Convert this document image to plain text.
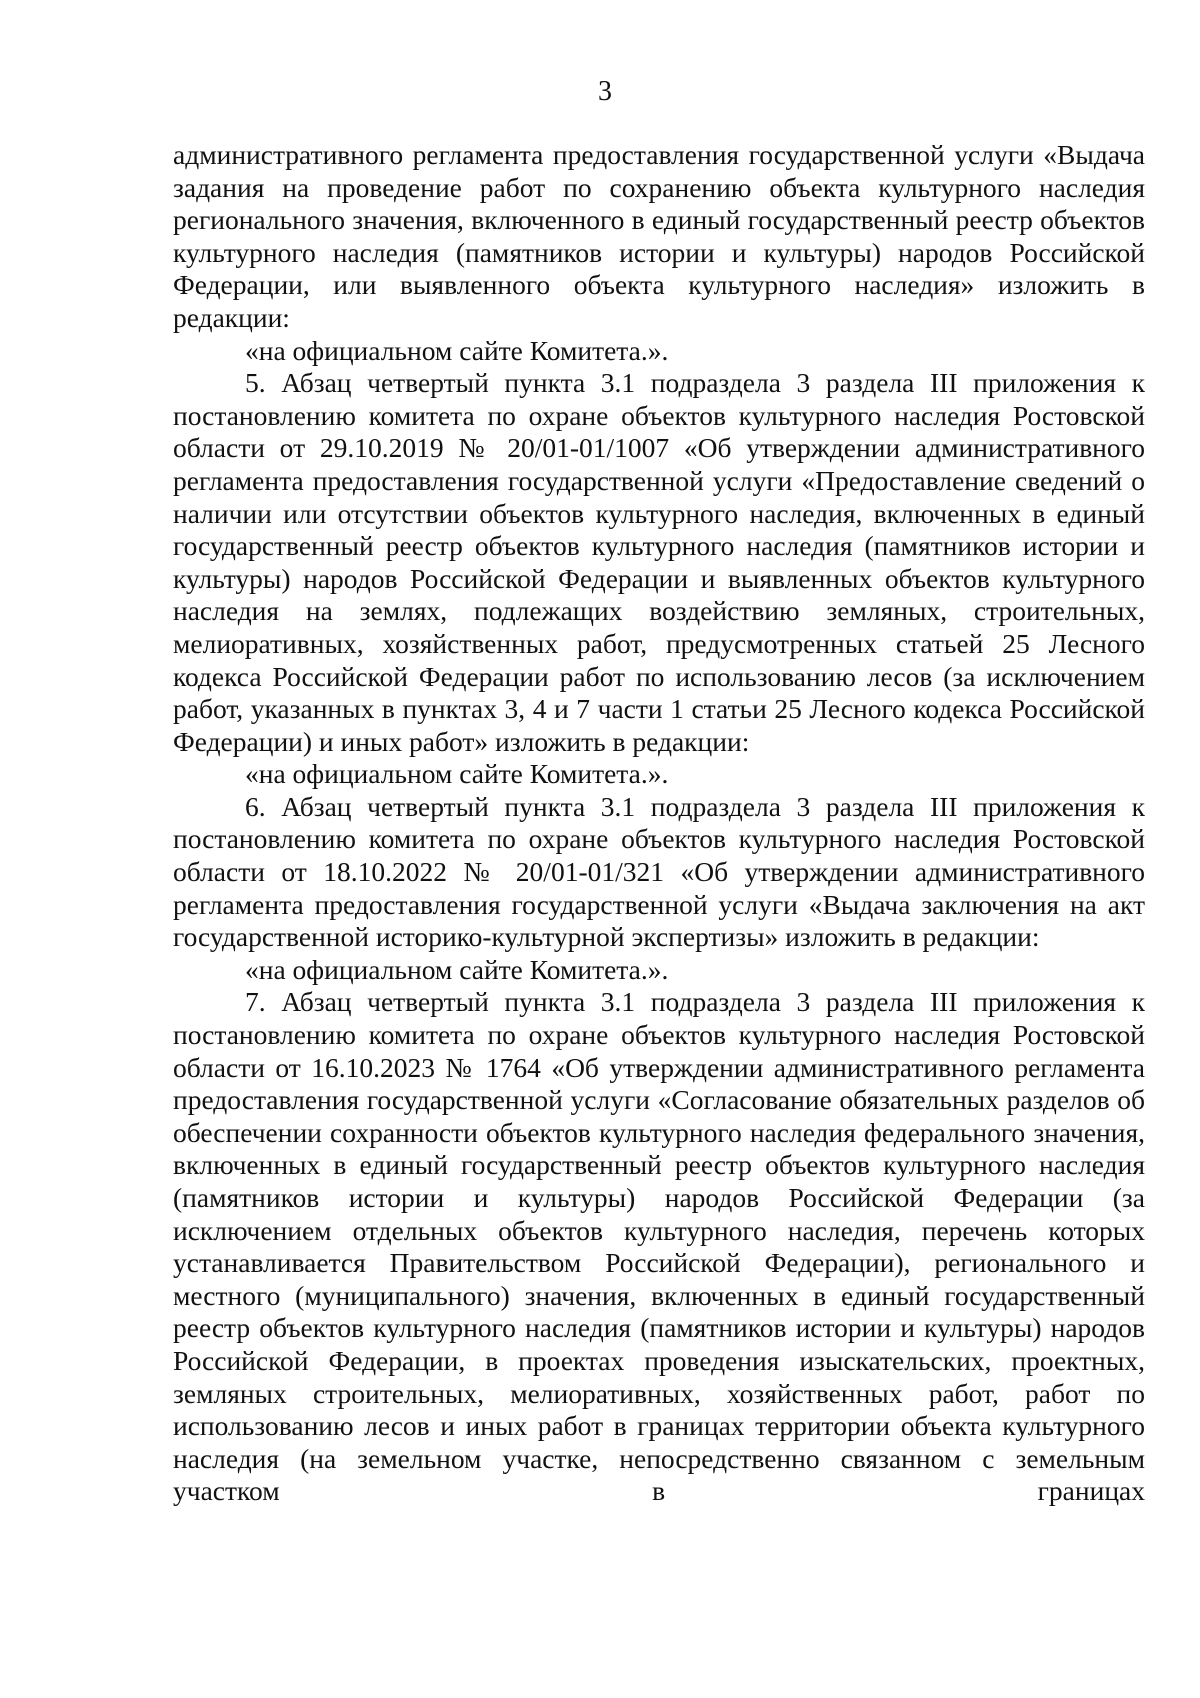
3

административного регламента предоставления государственной услуги «Выдача задания на проведение работ по сохранению объекта культурного наследия регионального значения, включенного в единый государственный реестр объектов культурного наследия (памятников истории и культуры) народов Российской Федерации, или выявленного объекта культурного наследия» изложить в редакции:

«на официальном сайте Комитета.».

5. Абзац четвертый пункта 3.1 подраздела 3 раздела III приложения к постановлению комитета по охране объектов культурного наследия Ростовской области от 29.10.2019 № 20/01-01/1007 «Об утверждении административного регламента предоставления государственной услуги «Предоставление сведений о наличии или отсутствии объектов культурного наследия, включенных в единый государственный реестр объектов культурного наследия (памятников истории и культуры) народов Российской Федерации и выявленных объектов культурного наследия на землях, подлежащих воздействию земляных, строительных, мелиоративных, хозяйственных работ, предусмотренных статьей 25 Лесного кодекса Российской Федерации работ по использованию лесов (за исключением работ, указанных в пунктах 3, 4 и 7 части 1 статьи 25 Лесного кодекса Российской Федерации) и иных работ» изложить в редакции:

«на официальном сайте Комитета.».

6. Абзац четвертый пункта 3.1 подраздела 3 раздела III приложения к постановлению комитета по охране объектов культурного наследия Ростовской области от 18.10.2022 № 20/01-01/321 «Об утверждении административного регламента предоставления государственной услуги «Выдача заключения на акт государственной историко-культурной экспертизы» изложить в редакции:

«на официальном сайте Комитета.».

7. Абзац четвертый пункта 3.1 подраздела 3 раздела III приложения к постановлению комитета по охране объектов культурного наследия Ростовской области от 16.10.2023 № 1764 «Об утверждении административного регламента предоставления государственной услуги «Согласование обязательных разделов об обеспечении сохранности объектов культурного наследия федерального значения, включенных в единый государственный реестр объектов культурного наследия (памятников истории и культуры) народов Российской Федерации (за исключением отдельных объектов культурного наследия, перечень которых устанавливается Правительством Российской Федерации), регионального и местного (муниципального) значения, включенных в единый государственный реестр объектов культурного наследия (памятников истории и культуры) народов Российской Федерации, в проектах проведения изыскательских, проектных, земляных строительных, мелиоративных, хозяйственных работ, работ по использованию лесов и иных работ в границах территории объекта культурного наследия (на земельном участке, непосредственно связанном с земельным участком в границах
